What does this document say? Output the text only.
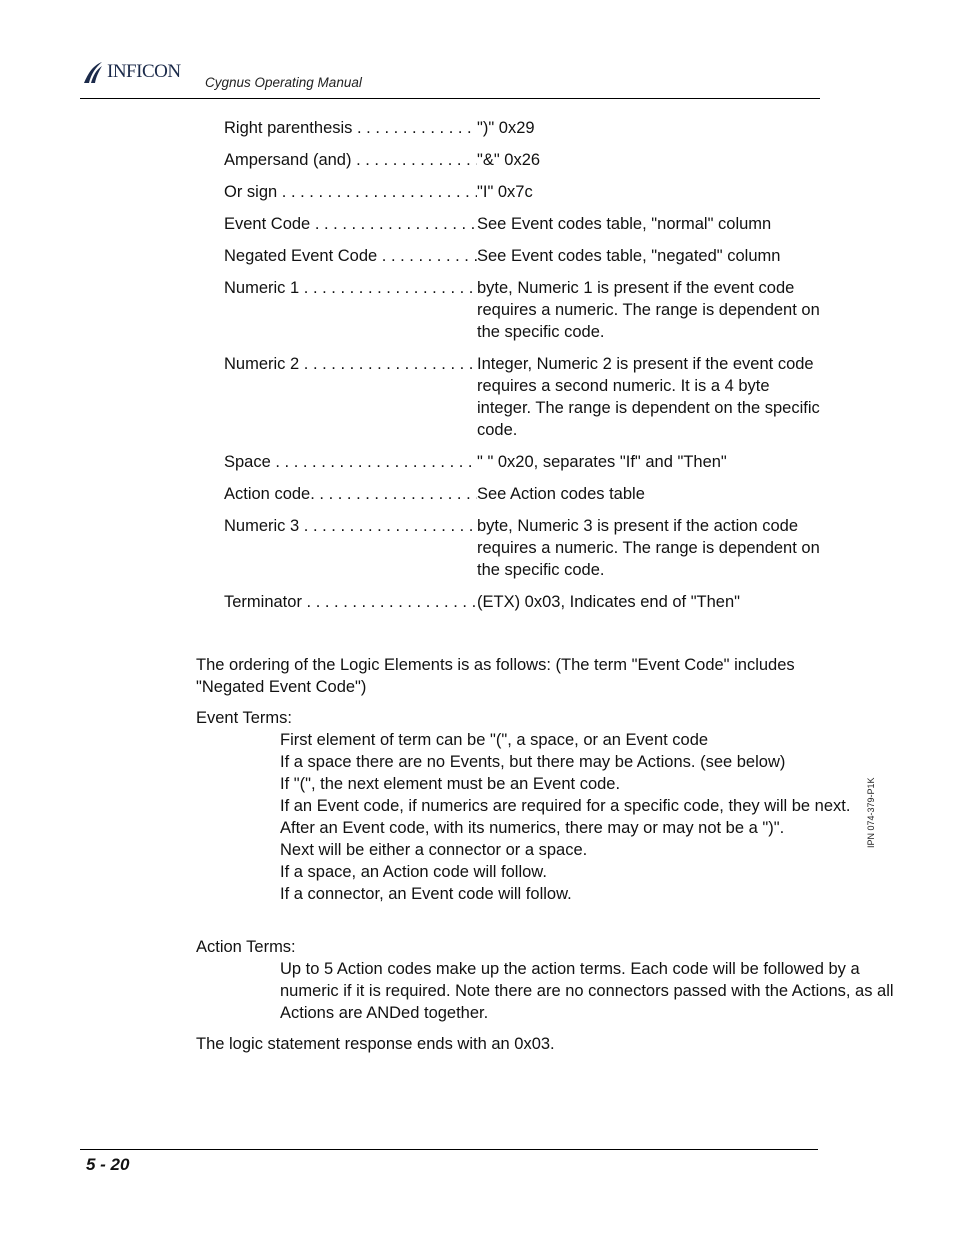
INFICON
Cygnus Operating Manual
Right parenthesis . . .	")" 0x29
Ampersand (and) . . .	"&" 0x26
Or sign . . .	"I" 0x7c
Event Code . . .	See Event codes table, "normal" column
Negated Event Code . . .	See Event codes table, "negated" column
Numeric 1 . . .	byte, Numeric 1 is present if the event code requires a numeric. The range is dependent on the specific code.
Numeric 2 . . .	Integer, Numeric 2 is present if the event code requires a second numeric. It is a 4 byte integer. The range is dependent on the specific code.
Space . . .	" " 0x20, separates "If" and "Then"
Action code. . . .	See Action codes table
Numeric 3 . . .	byte, Numeric 3 is present if the action code requires a numeric. The range is dependent on the specific code.
Terminator . . .	(ETX) 0x03, Indicates end of "Then"
The ordering of the Logic Elements is as follows: (The term "Event Code" includes "Negated Event Code")
Event Terms:
First element of term can be "(", a space, or an Event code
If a space there are no Events, but there may be Actions. (see below)
If "(", the next element must be an Event code.
If an Event code, if numerics are required for a specific code, they will be next.
After an Event code, with its numerics, there may or may not be a ")".
Next will be either a connector or a space.
If a space, an Action code will follow.
If a connector, an Event code will follow.
Action Terms:
Up to 5 Action codes make up the action terms. Each code will be followed by a numeric if it is required. Note there are no connectors passed with the Actions, as all Actions are ANDed together.
The logic statement response ends with an 0x03.
IPN 074-379-P1K
5 - 20
